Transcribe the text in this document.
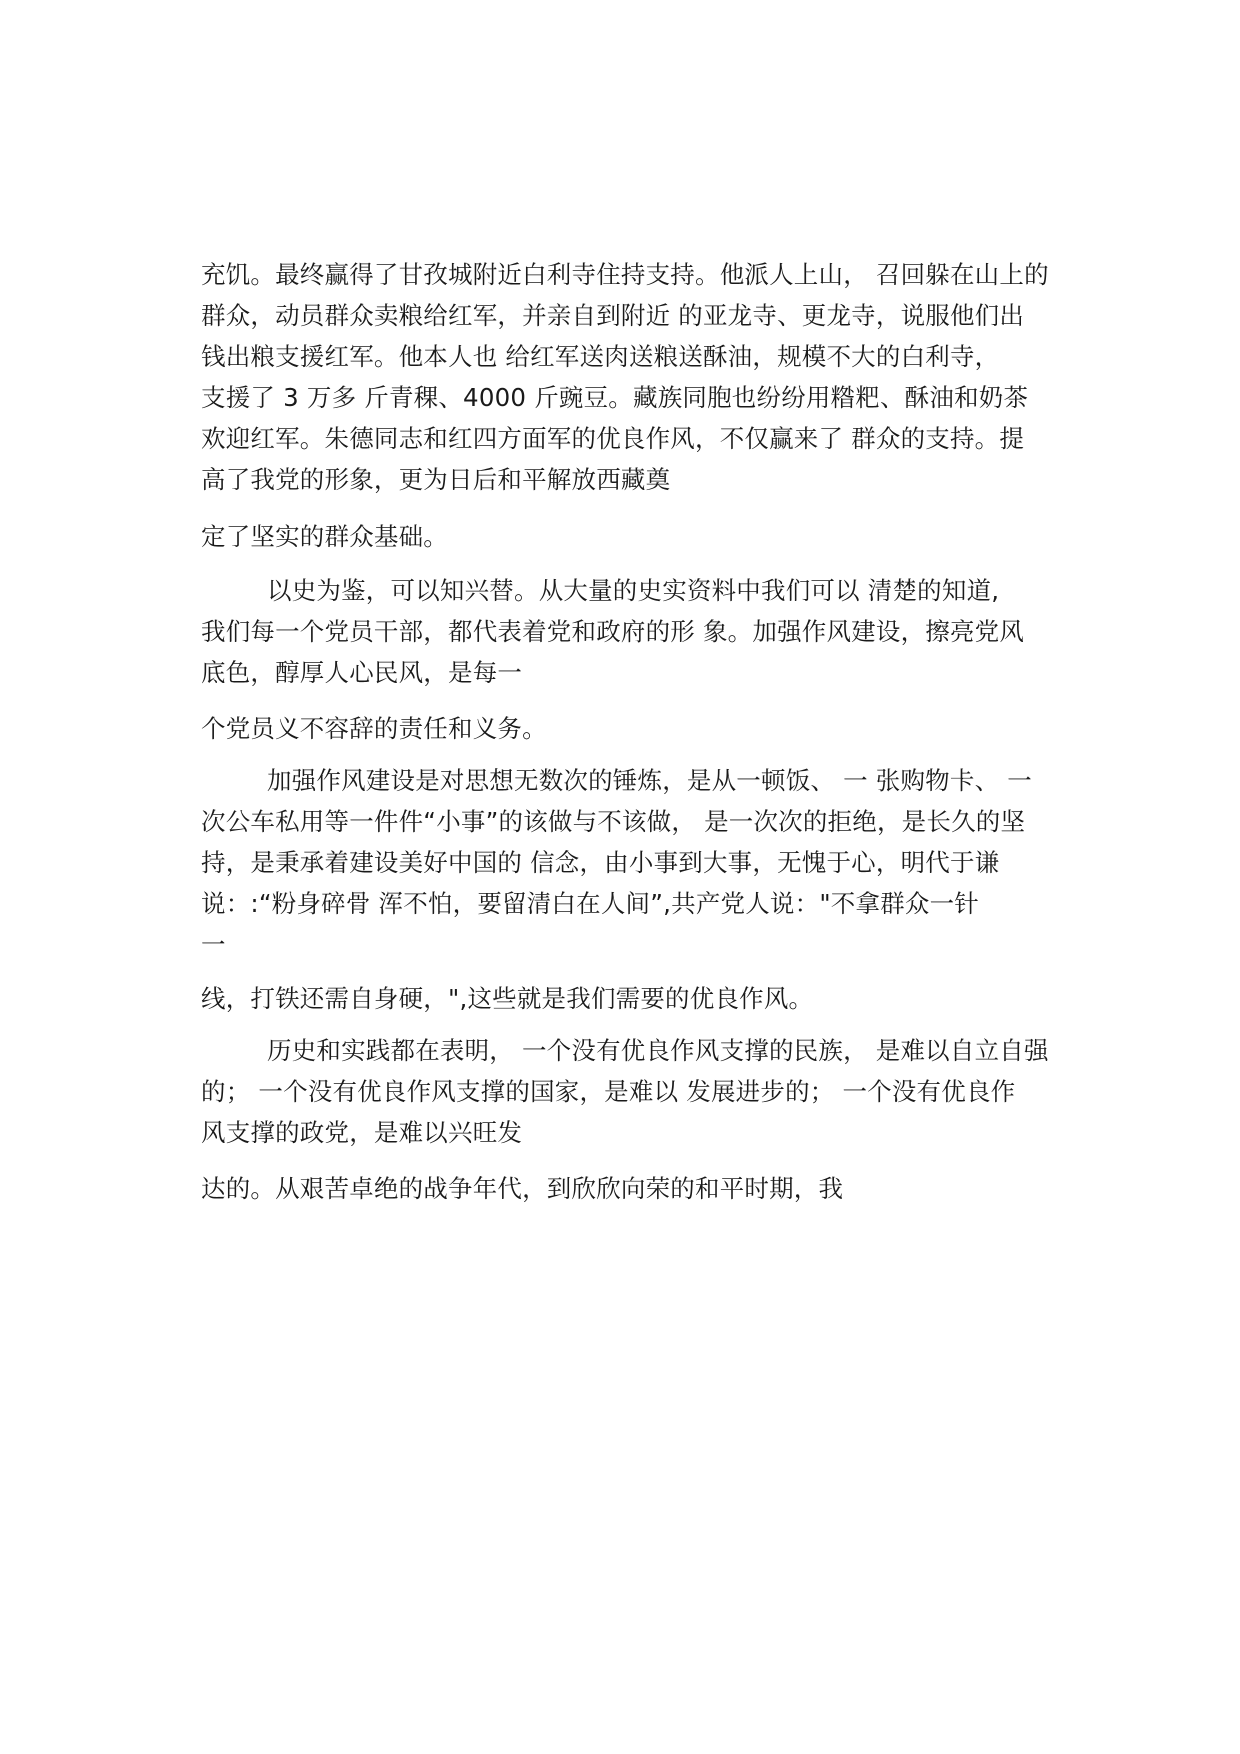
充饥。最终赢得了甘孜城附近白利寺住持支持。他派人上山， 召回躲在山上的
群众，动员群众卖粮给红军，并亲自到附近 的亚龙寺、更龙寺，说服他们出
钱出粮支援红军。他本人也 给红军送肉送粮送酥油，规模不大的白利寺，
支援了 3 万多 斤青稞、4000 斤豌豆。藏族同胞也纷纷用糌粑、酥油和奶茶
欢迎红军。朱德同志和红四方面军的优良作风，不仅赢来了 群众的支持。提
高了我党的形象，更为日后和平解放西藏奠
定了坚实的群众基础。
以史为鉴，可以知兴替。从大量的史实资料中我们可以 清楚的知道,
我们每一个党员干部，都代表着党和政府的形 象。加强作风建设，擦亮党风
底色，醇厚人心民风，是每一
个党员义不容辞的责任和义务。
加强作风建设是对思想无数次的锤炼，是从一顿饭、 一 张购物卡、 一
次公车私用等一件件“小事”的该做与不该做， 是一次次的拒绝，是长久的坚
持，是秉承着建设美好中国的 信念，由小事到大事，无愧于心，明代于谦
说：:“粉身碎骨 浑不怕，要留清白在人间”,共产党人说："不拿群众一针
一
线，打铁还需自身硬，",这些就是我们需要的优良作风。
历史和实践都在表明， 一个没有优良作风支撑的民族， 是难以自立自强
的； 一个没有优良作风支撑的国家，是难以 发展进步的； 一个没有优良作
风支撑的政党，是难以兴旺发
达的。从艰苦卓绝的战争年代，到欣欣向荣的和平时期，我
